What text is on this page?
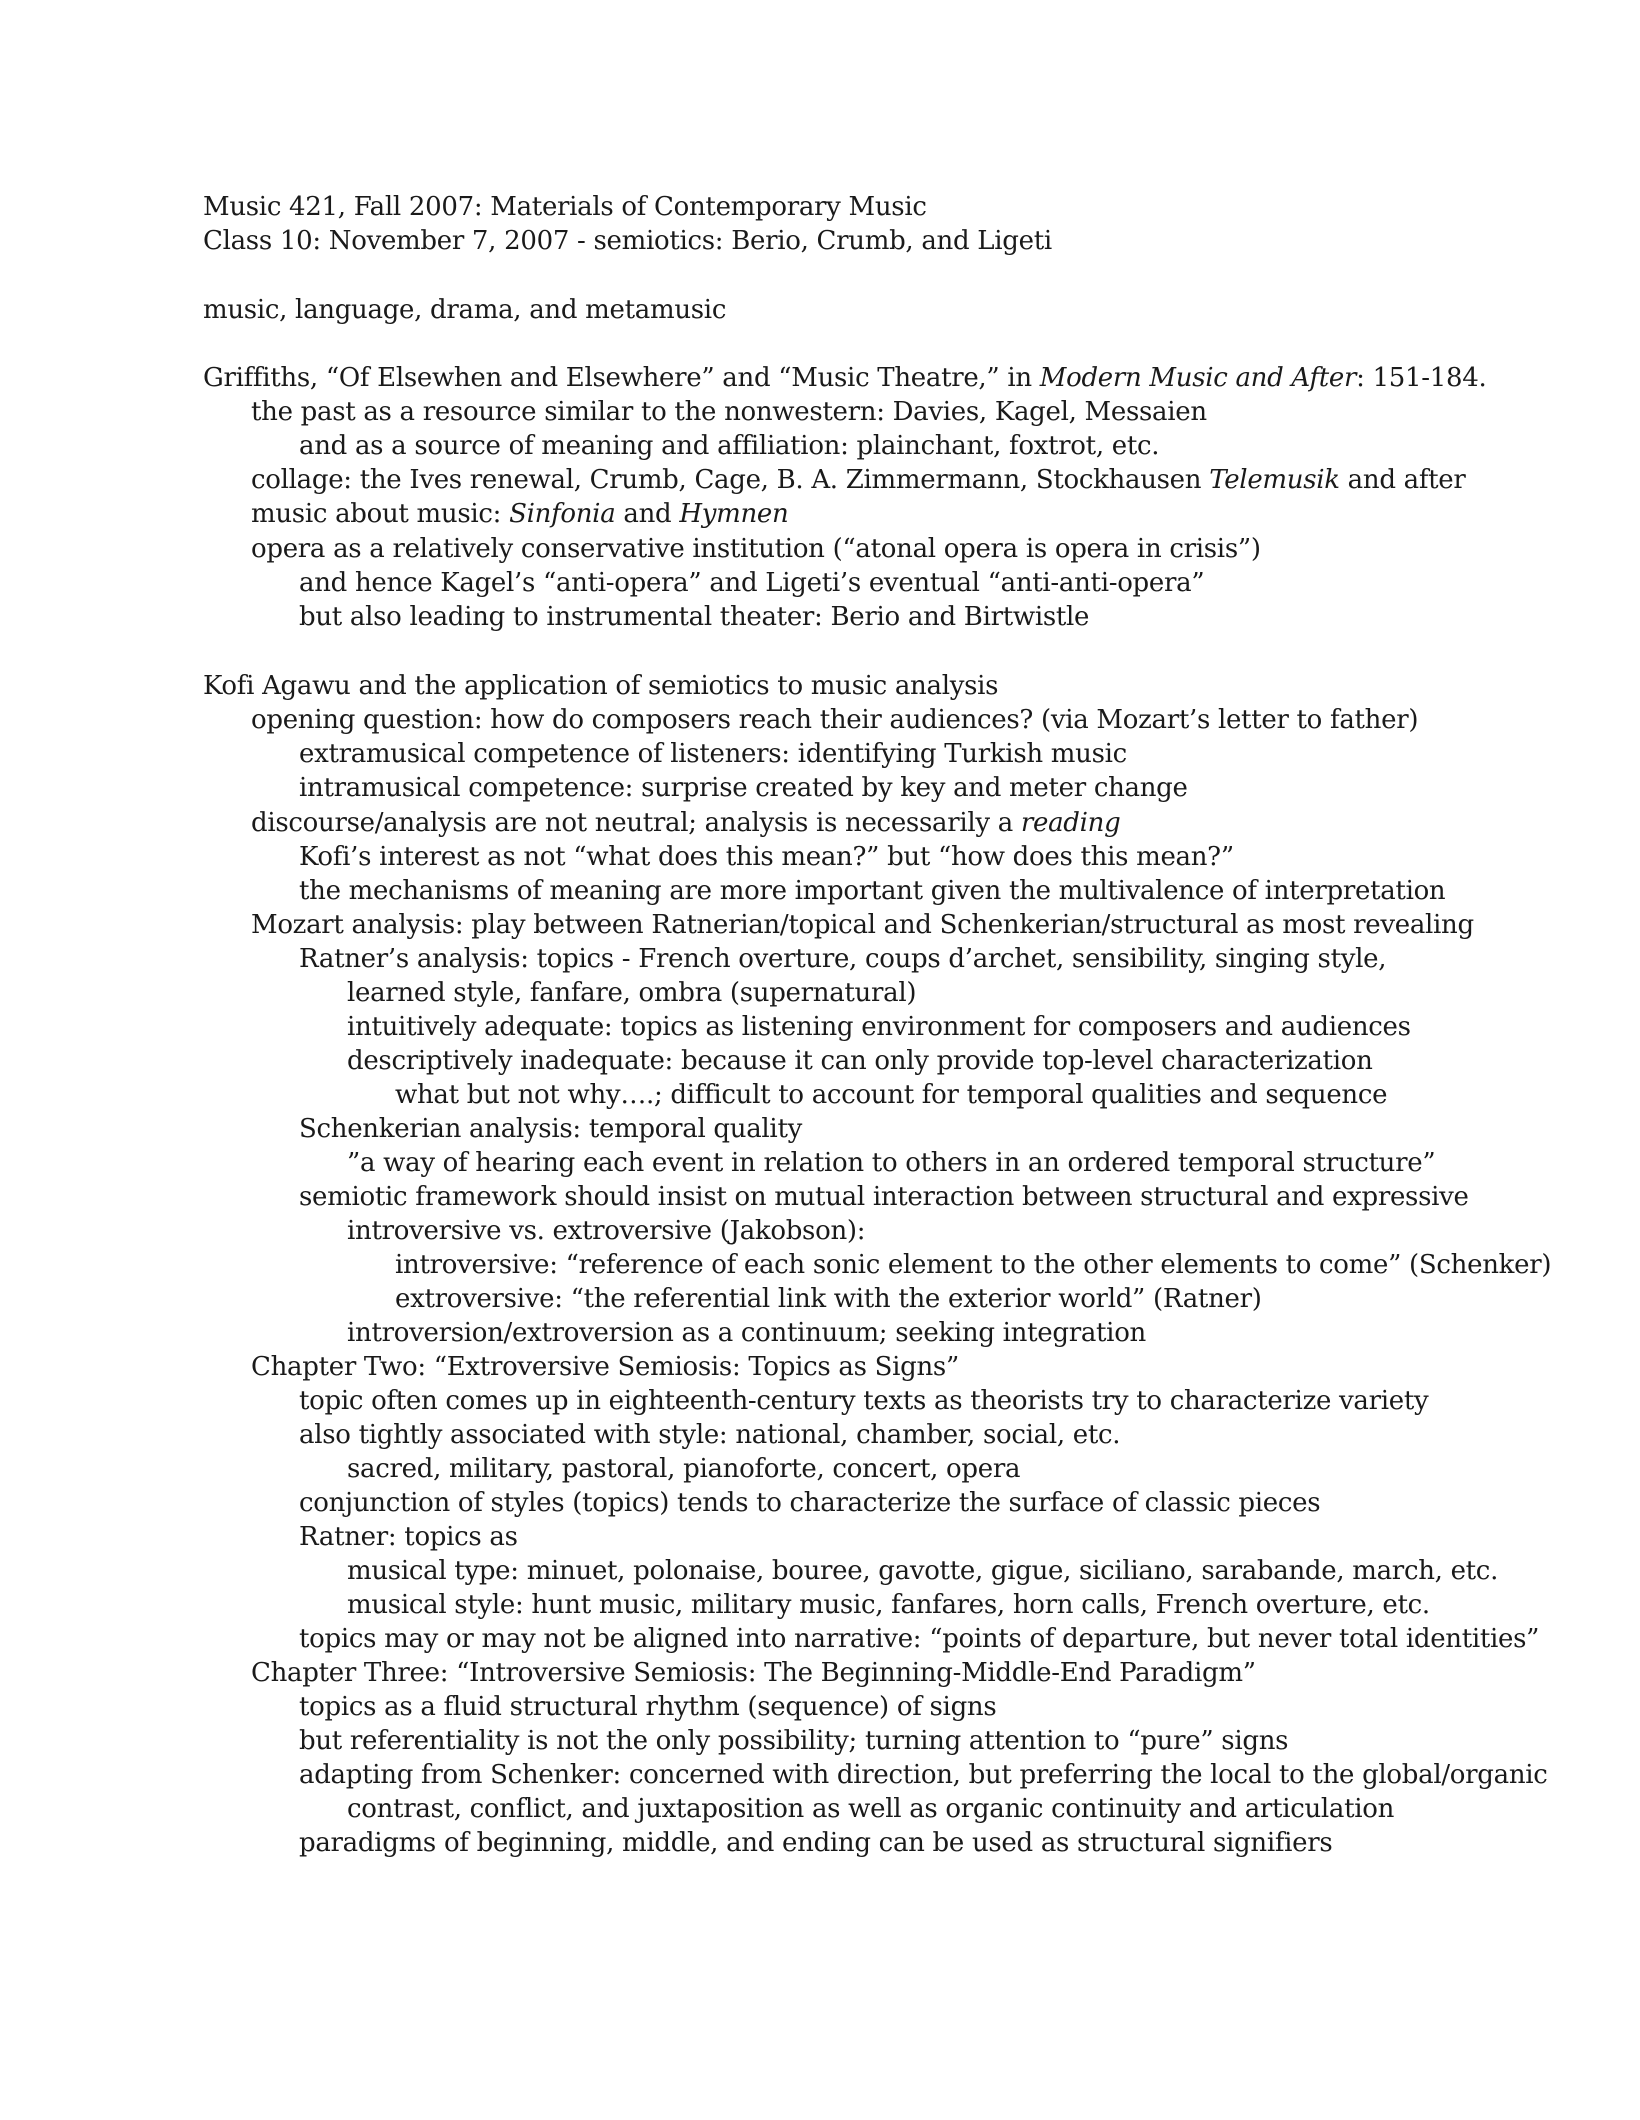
Music 421, Fall 2007: Materials of Contemporary Music
Class 10: November 7, 2007 - semiotics: Berio, Crumb, and Ligeti
music, language, drama, and metamusic
Griffiths, “Of Elsewhen and Elsewhere” and “Music Theatre,” in Modern Music and After: 151-184.
the past as a resource similar to the nonwestern: Davies, Kagel, Messaien
and as a source of meaning and affiliation: plainchant, foxtrot, etc.
collage: the Ives renewal, Crumb, Cage, B. A. Zimmermann, Stockhausen Telemusik and after
music about music: Sinfonia and Hymnen
opera as a relatively conservative institution (“atonal opera is opera in crisis”)
and hence Kagel’s “anti-opera” and Ligeti’s eventual “anti-anti-opera”
but also leading to instrumental theater: Berio and Birtwistle
Kofi Agawu and the application of semiotics to music analysis
opening question: how do composers reach their audiences? (via Mozart’s letter to father)
extramusical competence of listeners: identifying Turkish music
intramusical competence: surprise created by key and meter change
discourse/analysis are not neutral; analysis is necessarily a reading
Kofi’s interest as not “what does this mean?” but “how does this mean?”
the mechanisms of meaning are more important given the multivalence of interpretation
Mozart analysis: play between Ratnerian/topical and Schenkerian/structural as most revealing
Ratner’s analysis: topics - French overture, coups d’archet, sensibility, singing style,
learned style, fanfare, ombra (supernatural)
intuitively adequate: topics as listening environment for composers and audiences
descriptively inadequate: because it can only provide top-level characterization
what but not why….; difficult to account for temporal qualities and sequence
Schenkerian analysis: temporal quality
”a way of hearing each event in relation to others in an ordered temporal structure”
semiotic framework should insist on mutual interaction between structural and expressive
introversive vs. extroversive (Jakobson):
introversive: “reference of each sonic element to the other elements to come” (Schenker)
extroversive: “the referential link with the exterior world” (Ratner)
introversion/extroversion as a continuum; seeking integration
Chapter Two: “Extroversive Semiosis: Topics as Signs”
topic often comes up in eighteenth-century texts as theorists try to characterize variety
also tightly associated with style: national, chamber, social, etc.
sacred, military, pastoral, pianoforte, concert, opera
conjunction of styles (topics) tends to characterize the surface of classic pieces
Ratner: topics as
musical type: minuet, polonaise, bouree, gavotte, gigue, siciliano, sarabande, march, etc.
musical style: hunt music, military music, fanfares, horn calls, French overture, etc.
topics may or may not be aligned into narrative: “points of departure, but never total identities”
Chapter Three: “Introversive Semiosis: The Beginning-Middle-End Paradigm”
topics as a fluid structural rhythm (sequence) of signs
but referentiality is not the only possibility; turning attention to “pure” signs
adapting from Schenker: concerned with direction, but preferring the local to the global/organic
contrast, conflict, and juxtaposition as well as organic continuity and articulation
paradigms of beginning, middle, and ending can be used as structural signifiers
